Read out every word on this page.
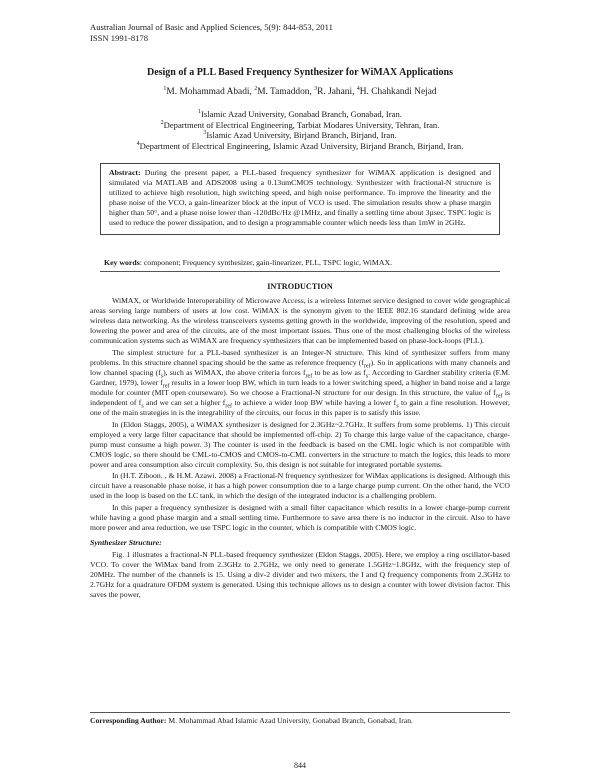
Australian Journal of Basic and Applied Sciences, 5(9): 844-853, 2011
ISSN 1991-8178
Design of a PLL Based Frequency Synthesizer for WiMAX Applications
$^1$M. Mohammad Abadi, $^2$M. Tamaddon, $^3$R. Jahani, $^4$H. Chahkandi Nejad
$^1$Islamic Azad University, Gonabad Branch, Gonabad, Iran.
$^2$Department of Electrical Engineering, Tarbiat Modares University, Tehran, Iran.
$^3$Islamic Azad University, Birjand Branch, Birjand, Iran.
$^4$Department of Electrical Engineering, Islamic Azad University, Birjand Branch, Birjand, Iran.
Abstract: During the present paper, a PLL-based frequency synthesizer for WiMAX application is designed and simulated via MATLAB and ADS2008 using a 0.13umCMOS technology. Synthesizer with fractional-N structure is utilized to achieve high resolution, high switching speed, and high noise performance. To improve the linearity and the phase noise of the VCO, a gain-linearizer block at the input of VCO is used. The simulation results show a phase margin higher than 50°, and a phase noise lower than -120dBc/Hz @1MHz, and finally a settling time about 3µsec. TSPC logic is used to reduce the power dissipation, and to design a programmable counter which needs less than 1mW in 2GHz.
Key words: component; Frequency synthesizer, gain-linearizer, PLL, TSPC logic, WiMAX.
INTRODUCTION

WiMAX, or Worldwide Interoperability of Microwave Access, is a wireless Internet service designed to cover wide geographical areas serving large numbers of users at low cost. WiMAX is the synonym given to the IEEE 802.16 standard defining wide area wireless data networking. As the wireless transceivers systems getting growth in the worldwide, improving of the resolution, speed and lowering the power and area of the circuits, are of the most important issues. Thus one of the most challenging blocks of the wireless communication systems such as WiMAX are frequency synthesizers that can be implemented based on phase-lock-loops (PLL).

The simplest structure for a PLL-based synthesizer is an Integer-N structure. This kind of synthesizer suffers from many problems. In this structure channel spacing should be the same as reference frequency $(f_{ref})$. So in applications with many channels and low channel spacing $(f_s)$, such as WiMAX, the above criteria forces $f_{ref}$ to be as low as $f_s$. According to Gardner stability criteria (F.M. Gardner, 1979), lower $f_{ref}$ results in a lower loop BW, which in turn leads to a lower switching speed, a higher in band noise and a large module for counter (MIT open courseware). So we choose a Fractional-N structure for our design. In this structure, the value of $f_{ref}$ is independent of $f_s$ and we can set a higher $f_{ref}$ to achieve a wider loop BW while having a lower $f_s$ to gain a fine resolution. However, one of the main strategies in is the integrability of the circuits, our focus in this paper is to satisfy this issue.

In (Eldon Staggs, 2005), a WiMAX synthesizer is designed for 2.3GHz~2.7GHz. It suffers from some problems. 1) This circuit employed a very large filter capacitance that should be implemented off-chip. 2) To charge this large value of the capacitance, charge-pump must consume a high power. 3) The counter is used in the feedback is based on the CML logic which is not compatible with CMOS logic, so there should be CML-to-CMOS and CMOS-to-CML converters in the structure to match the logics, this leads to more power and area consumption also circuit complexity. So, this design is not suitable for integrated portable systems.

In (H.T. Ziboon. , & H.M. Azawi. 2008) a Fractional-N frequency synthesizer for WiMax applications is designed. Although this circuit have a reasonable phase noise, it has a high power consumption due to a large charge pump current. On the other hand, the VCO used in the loop is based on the LC tank, in which the design of the integrated inductor is a challenging problem.

In this paper a frequency synthesizer is designed with a small filter capacitance which results in a lower charge-pump current while having a good phase margin and a small settling time. Furthermore to save area there is no inductor in the circuit. Also to have more power and area reduction, we use TSPC logic in the counter, which is compatible with CMOS logic.

Synthesizer Structure:

Fig. 1 illustrates a fractional-N PLL-based frequency synthesizer (Eldon Staggs, 2005). Here, we employ a ring oscillator-based VCO. To cover the WiMax band from 2.3GHz to 2.7GHz, we only need to generate 1.5GHz~1.8GHz, with the frequency step of 20MHz. The number of the channels is 15. Using a div-2 divider and two mixers, the I and Q frequency components from 2.3GHz to 2.7GHz for a quadrature OFDM system is generated. Using this technique allows us to design a counter with lower division factor. This saves the power,

Corresponding Author: M. Mohammad Abad Islamic Azad University, Gonabad Branch, Gonabad, Iran.
844
